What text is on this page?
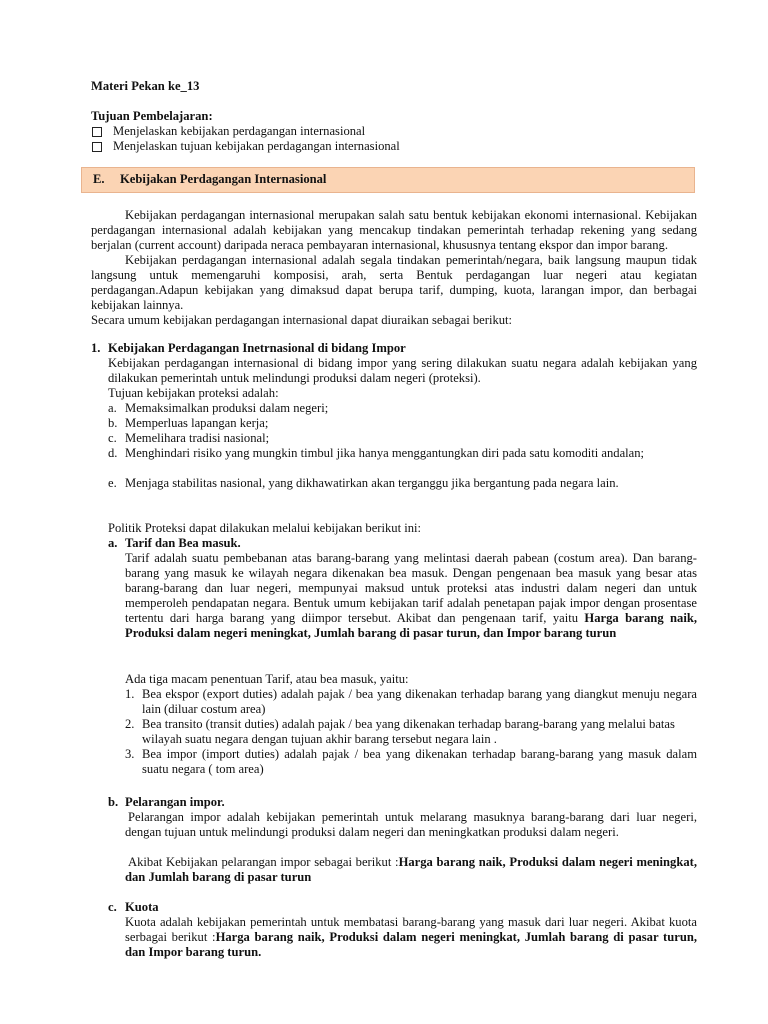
Materi Pekan ke_13
Tujuan Pembelajaran:
Menjelaskan kebijakan perdagangan internasional
Menjelaskan tujuan kebijakan perdagangan internasional
E. Kebijakan Perdagangan Internasional

Kebijakan perdagangan internasional merupakan salah satu bentuk kebijakan ekonomi internasional. Kebijakan perdagangan internasional adalah kebijakan yang mencakup tindakan pemerintah terhadap rekening yang sedang berjalan (current account) daripada neraca pembayaran internasional, khususnya tentang ekspor dan impor barang.

Kebijakan perdagangan internasional adalah segala tindakan pemerintah/negara, baik langsung maupun tidak langsung untuk memengaruhi komposisi, arah, serta Bentuk perdagangan luar negeri atau kegiatan perdagangan.Adapun kebijakan yang dimaksud dapat berupa tarif, dumping, kuota, larangan impor, dan berbagai kebijakan lainnya.

Secara umum kebijakan perdagangan internasional dapat diuraikan sebagai berikut:

1. Kebijakan Perdagangan Inetrnasional di bidang Impor
Kebijakan perdagangan internasional di bidang impor yang sering dilakukan suatu negara adalah kebijakan yang dilakukan pemerintah untuk melindungi produksi dalam negeri (proteksi).
Tujuan kebijakan proteksi adalah:
a. Memaksimalkan produksi dalam negeri;
b. Memperluas lapangan kerja;
c. Memelihara tradisi nasional;
d. Menghindari risiko yang mungkin timbul jika hanya menggantungkan diri pada satu komoditi andalan;
e. Menjaga stabilitas nasional, yang dikhawatirkan akan terganggu jika bergantung pada negara lain.
Politik Proteksi dapat dilakukan melalui kebijakan berikut ini:
a. Tarif dan Bea masuk.
Tarif adalah suatu pembebanan atas barang-barang yang melintasi daerah pabean (costum area). Dan barang-barang yang masuk ke wilayah negara dikenakan bea masuk. Dengan pengenaan bea masuk yang besar atas barang-barang dan luar negeri, mempunyai maksud untuk proteksi atas industri dalam negeri dan untuk memperoleh pendapatan negara. Bentuk umum kebijakan tarif adalah penetapan pajak impor dengan prosentase tertentu dari harga barang yang diimpor tersebut. Akibat dan pengenaan tarif, yaitu Harga barang naik, Produksi dalam negeri meningkat, Jumlah barang di pasar turun, dan Impor barang turun
Ada tiga macam penentuan Tarif, atau bea masuk, yaitu:
1. Bea ekspor (export duties) adalah pajak / bea yang dikenakan terhadap barang yang diangkut menuju negara lain (diluar costum area)
2. Bea transito (transit duties) adalah pajak / bea yang dikenakan terhadap barang-barang yang melalui batas wilayah suatu negara dengan tujuan akhir barang tersebut negara lain .
3. Bea impor (import duties) adalah pajak / bea yang dikenakan terhadap barang-barang yang masuk dalam suatu negara ( tom area)
b. Pelarangan impor.
Pelarangan impor adalah kebijakan pemerintah untuk melarang masuknya barang-barang dari luar negeri, dengan tujuan untuk melindungi produksi dalam negeri dan meningkatkan produksi dalam negeri.
Akibat Kebijakan pelarangan impor sebagai berikut :Harga barang naik, Produksi dalam negeri meningkat, dan Jumlah barang di pasar turun
c. Kuota
Kuota adalah kebijakan pemerintah untuk membatasi barang-barang yang masuk dari luar negeri. Akibat kuota serbagai berikut :Harga barang naik, Produksi dalam negeri meningkat, Jumlah barang di pasar turun, dan Impor barang turun.
